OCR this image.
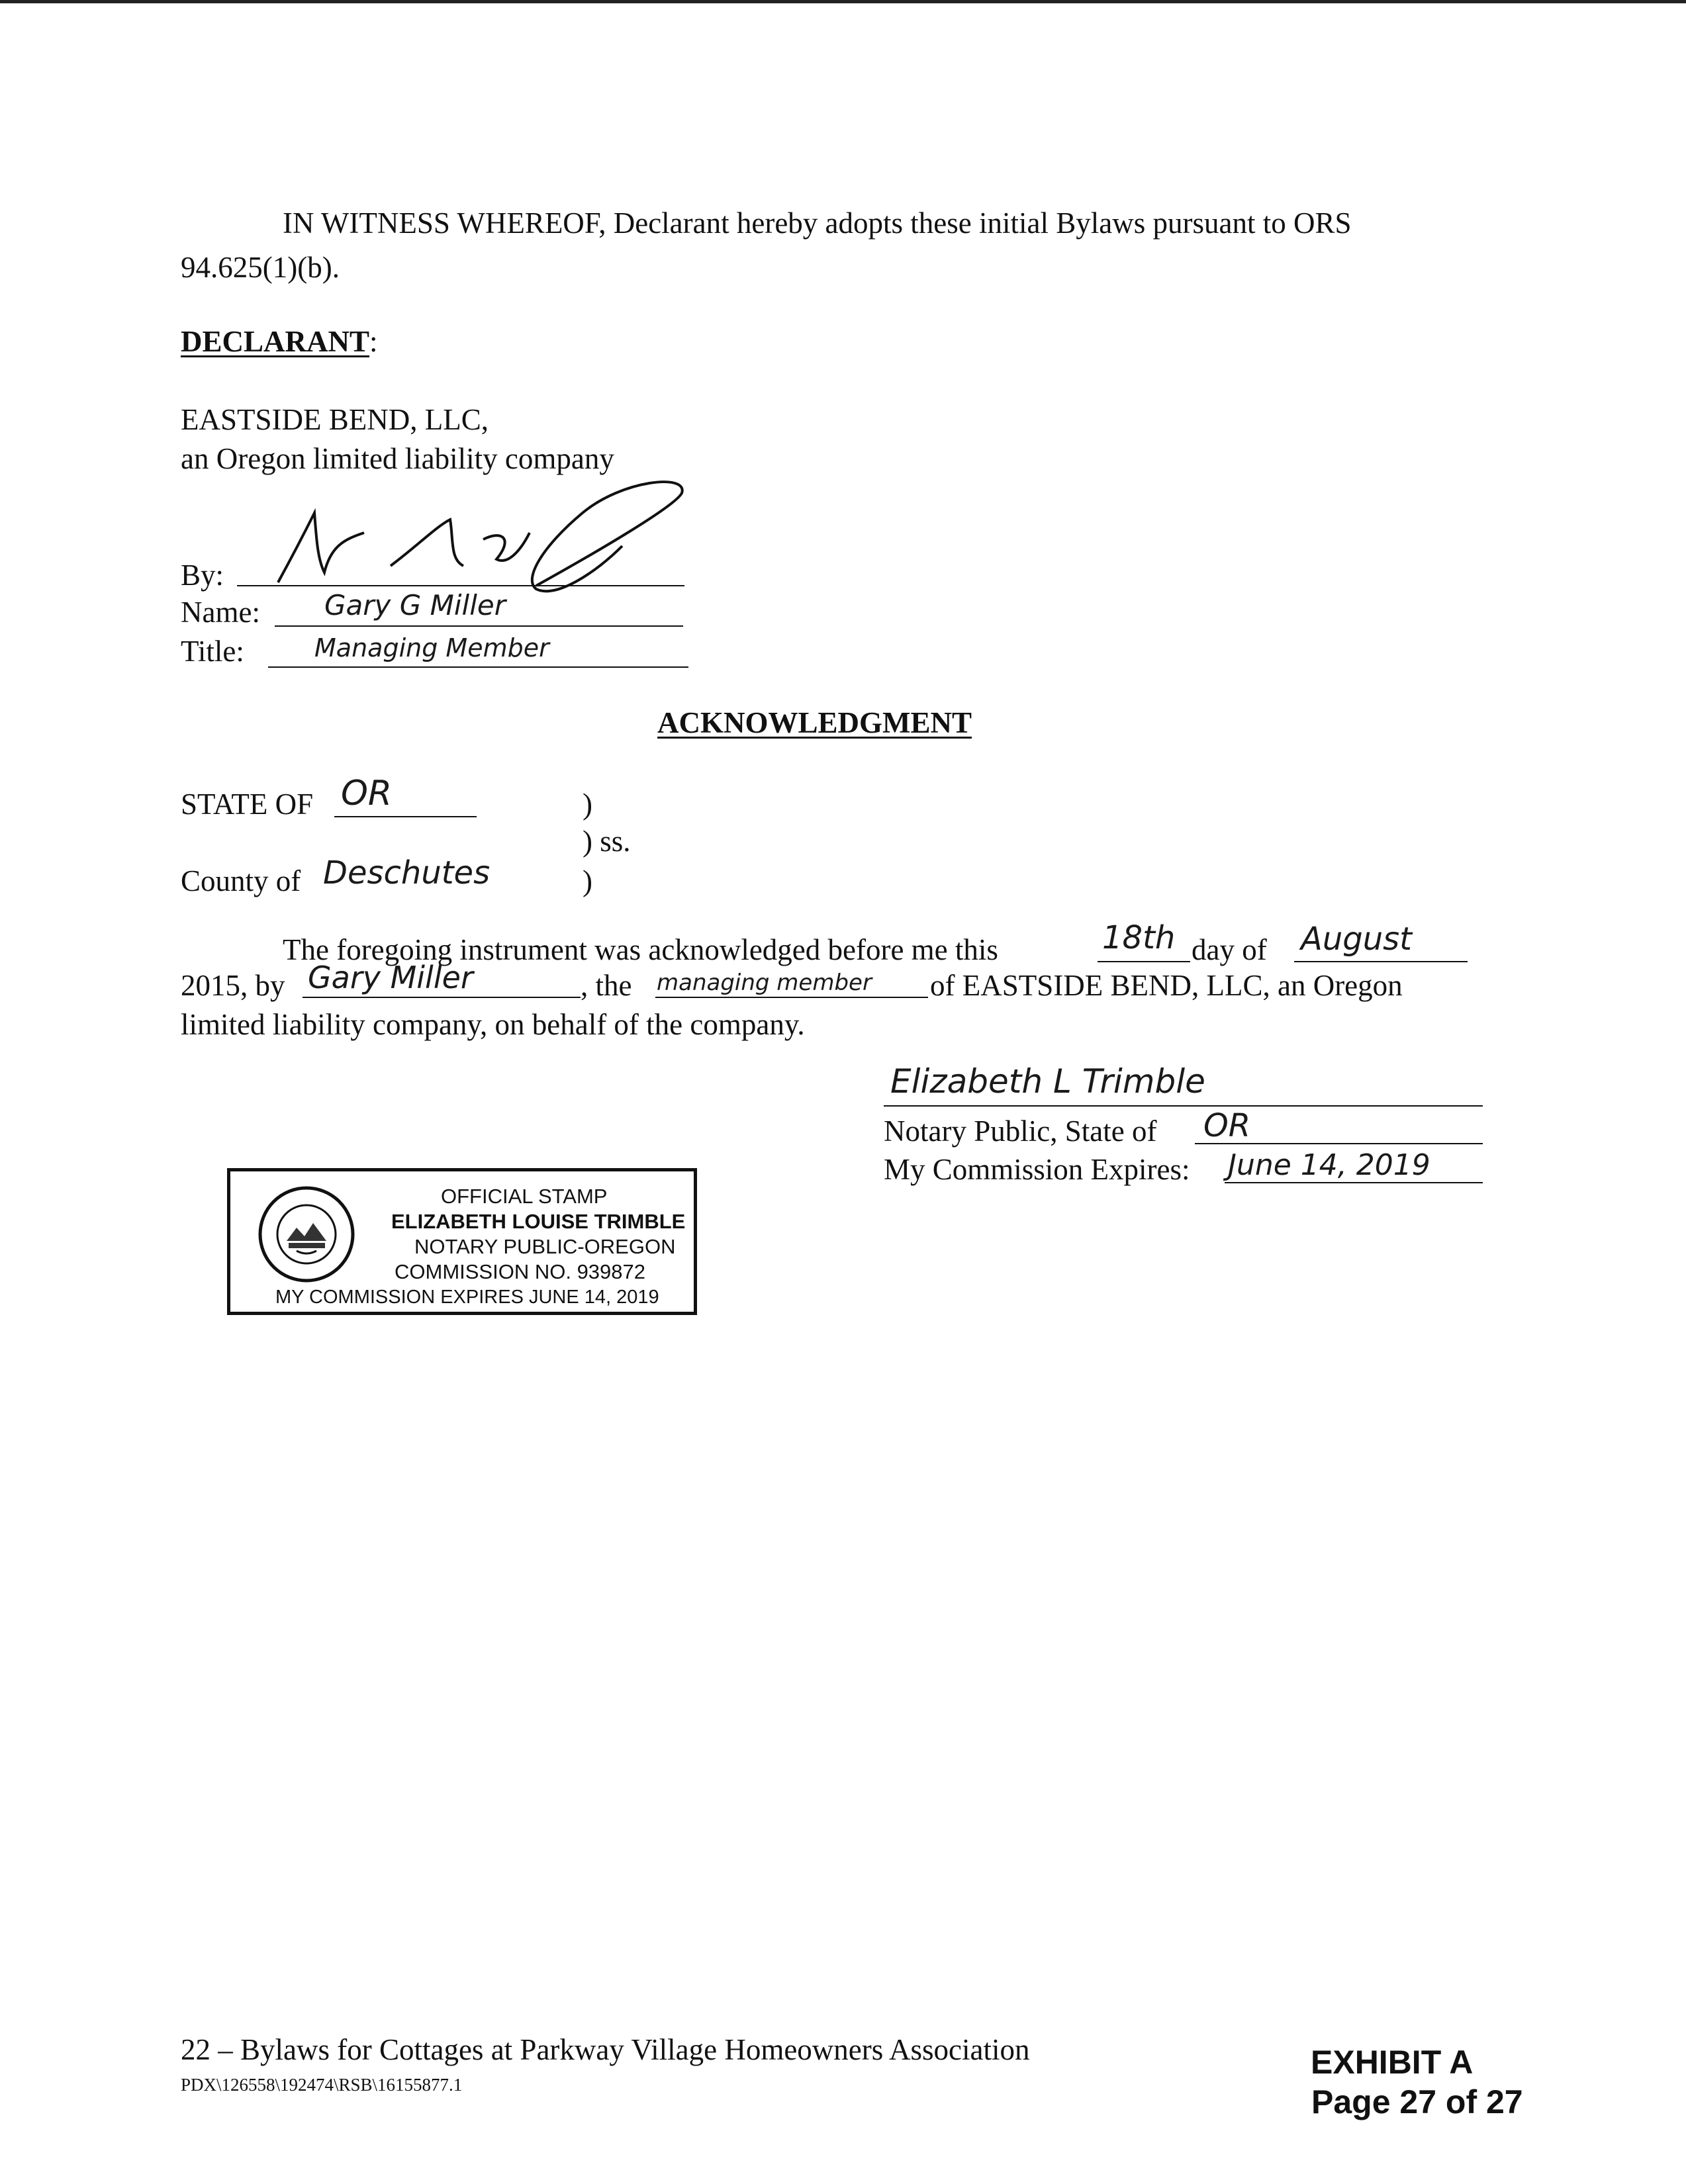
IN WITNESS WHEREOF, Declarant hereby adopts these initial Bylaws pursuant to ORS
94.625(1)(b).
DECLARANT:
EASTSIDE BEND, LLC,
an Oregon limited liability company
By:
Name: Gary G Miller
Title:	Managing Member
ACKNOWLEDGMENT
STATE OF OR	)
) ss.
County of Deschutes	)
The foregoing instrument was acknowledged before me this	18th day of August
2015, by Gary Miller	, the managing member of EASTSIDE BEND, LLC, an Oregon
limited liability company, on behalf of the company.
Elizabeth L Trimble
Notary Public, State of OR
My Commission Expires: June 14, 2019
OFFICIAL STAMP
ELIZABETH LOUISE TRIMBLE
NOTARY PUBLIC-OREGON
COMMISSION NO. 939872
MY COMMISSION EXPIRES JUNE 14, 2019
22 – Bylaws for Cottages at Parkway Village Homeowners Association
PDX\126558\192474\RSB\16155877.1
EXHIBIT A
Page 27 of 27
